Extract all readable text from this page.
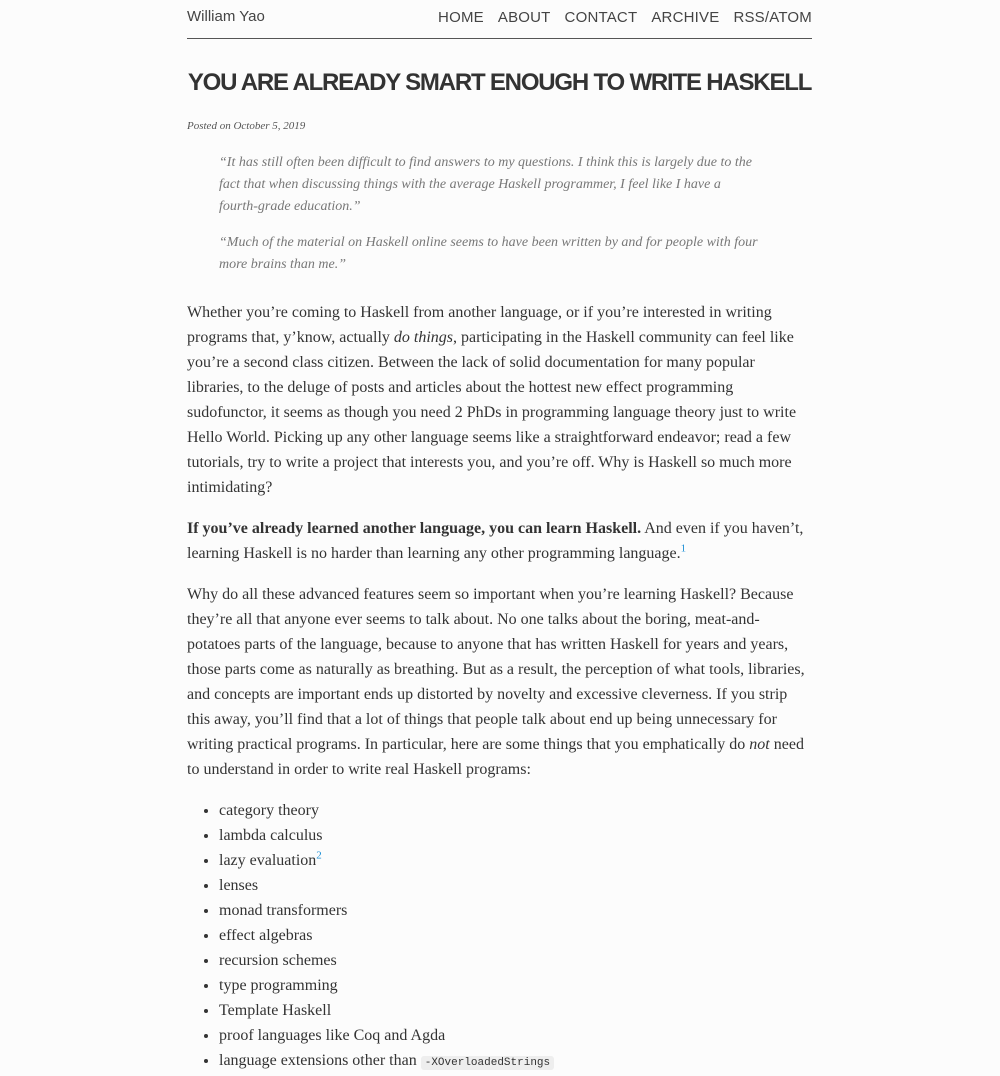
William Yao	HOME ABOUT CONTACT ARCHIVE RSS/ATOM
YOU ARE ALREADY SMART ENOUGH TO WRITE HASKELL
Posted on October 5, 2019

“It has still often been difficult to find answers to my questions. I think this is largely due to the fact that when discussing things with the average Haskell programmer, I feel like I have a fourth-grade education.”

“Much of the material on Haskell online seems to have been written by and for people with four more brains than me.”

Whether you’re coming to Haskell from another language, or if you’re interested in writing programs that, y’know, actually do things, participating in the Haskell community can feel like you’re a second class citizen. Between the lack of solid documentation for many popular libraries, to the deluge of posts and articles about the hottest new effect programming sudofunctor, it seems as though you need 2 PhDs in programming language theory just to write Hello World. Picking up any other language seems like a straightforward endeavor; read a few tutorials, try to write a project that interests you, and you’re off. Why is Haskell so much more intimidating?

If you’ve already learned another language, you can learn Haskell. And even if you haven’t, learning Haskell is no harder than learning any other programming language.$^1$

Why do all these advanced features seem so important when you’re learning Haskell? Because they’re all that anyone ever seems to talk about. No one talks about the boring, meat-and-potatoes parts of the language, because to anyone that has written Haskell for years and years, those parts come as naturally as breathing. But as a result, the perception of what tools, libraries, and concepts are important ends up distorted by novelty and excessive cleverness. If you strip this away, you’ll find that a lot of things that people talk about end up being unnecessary for writing practical programs. In particular, here are some things that you emphatically do not need to understand in order to write real Haskell programs:

• category theory
• lambda calculus
• lazy evaluation$^2$
• lenses
• monad transformers
• effect algebras
• recursion schemes
• type programming
• Template Haskell
• proof languages like Coq and Agda
• language extensions other than -XOverloadedStrings
